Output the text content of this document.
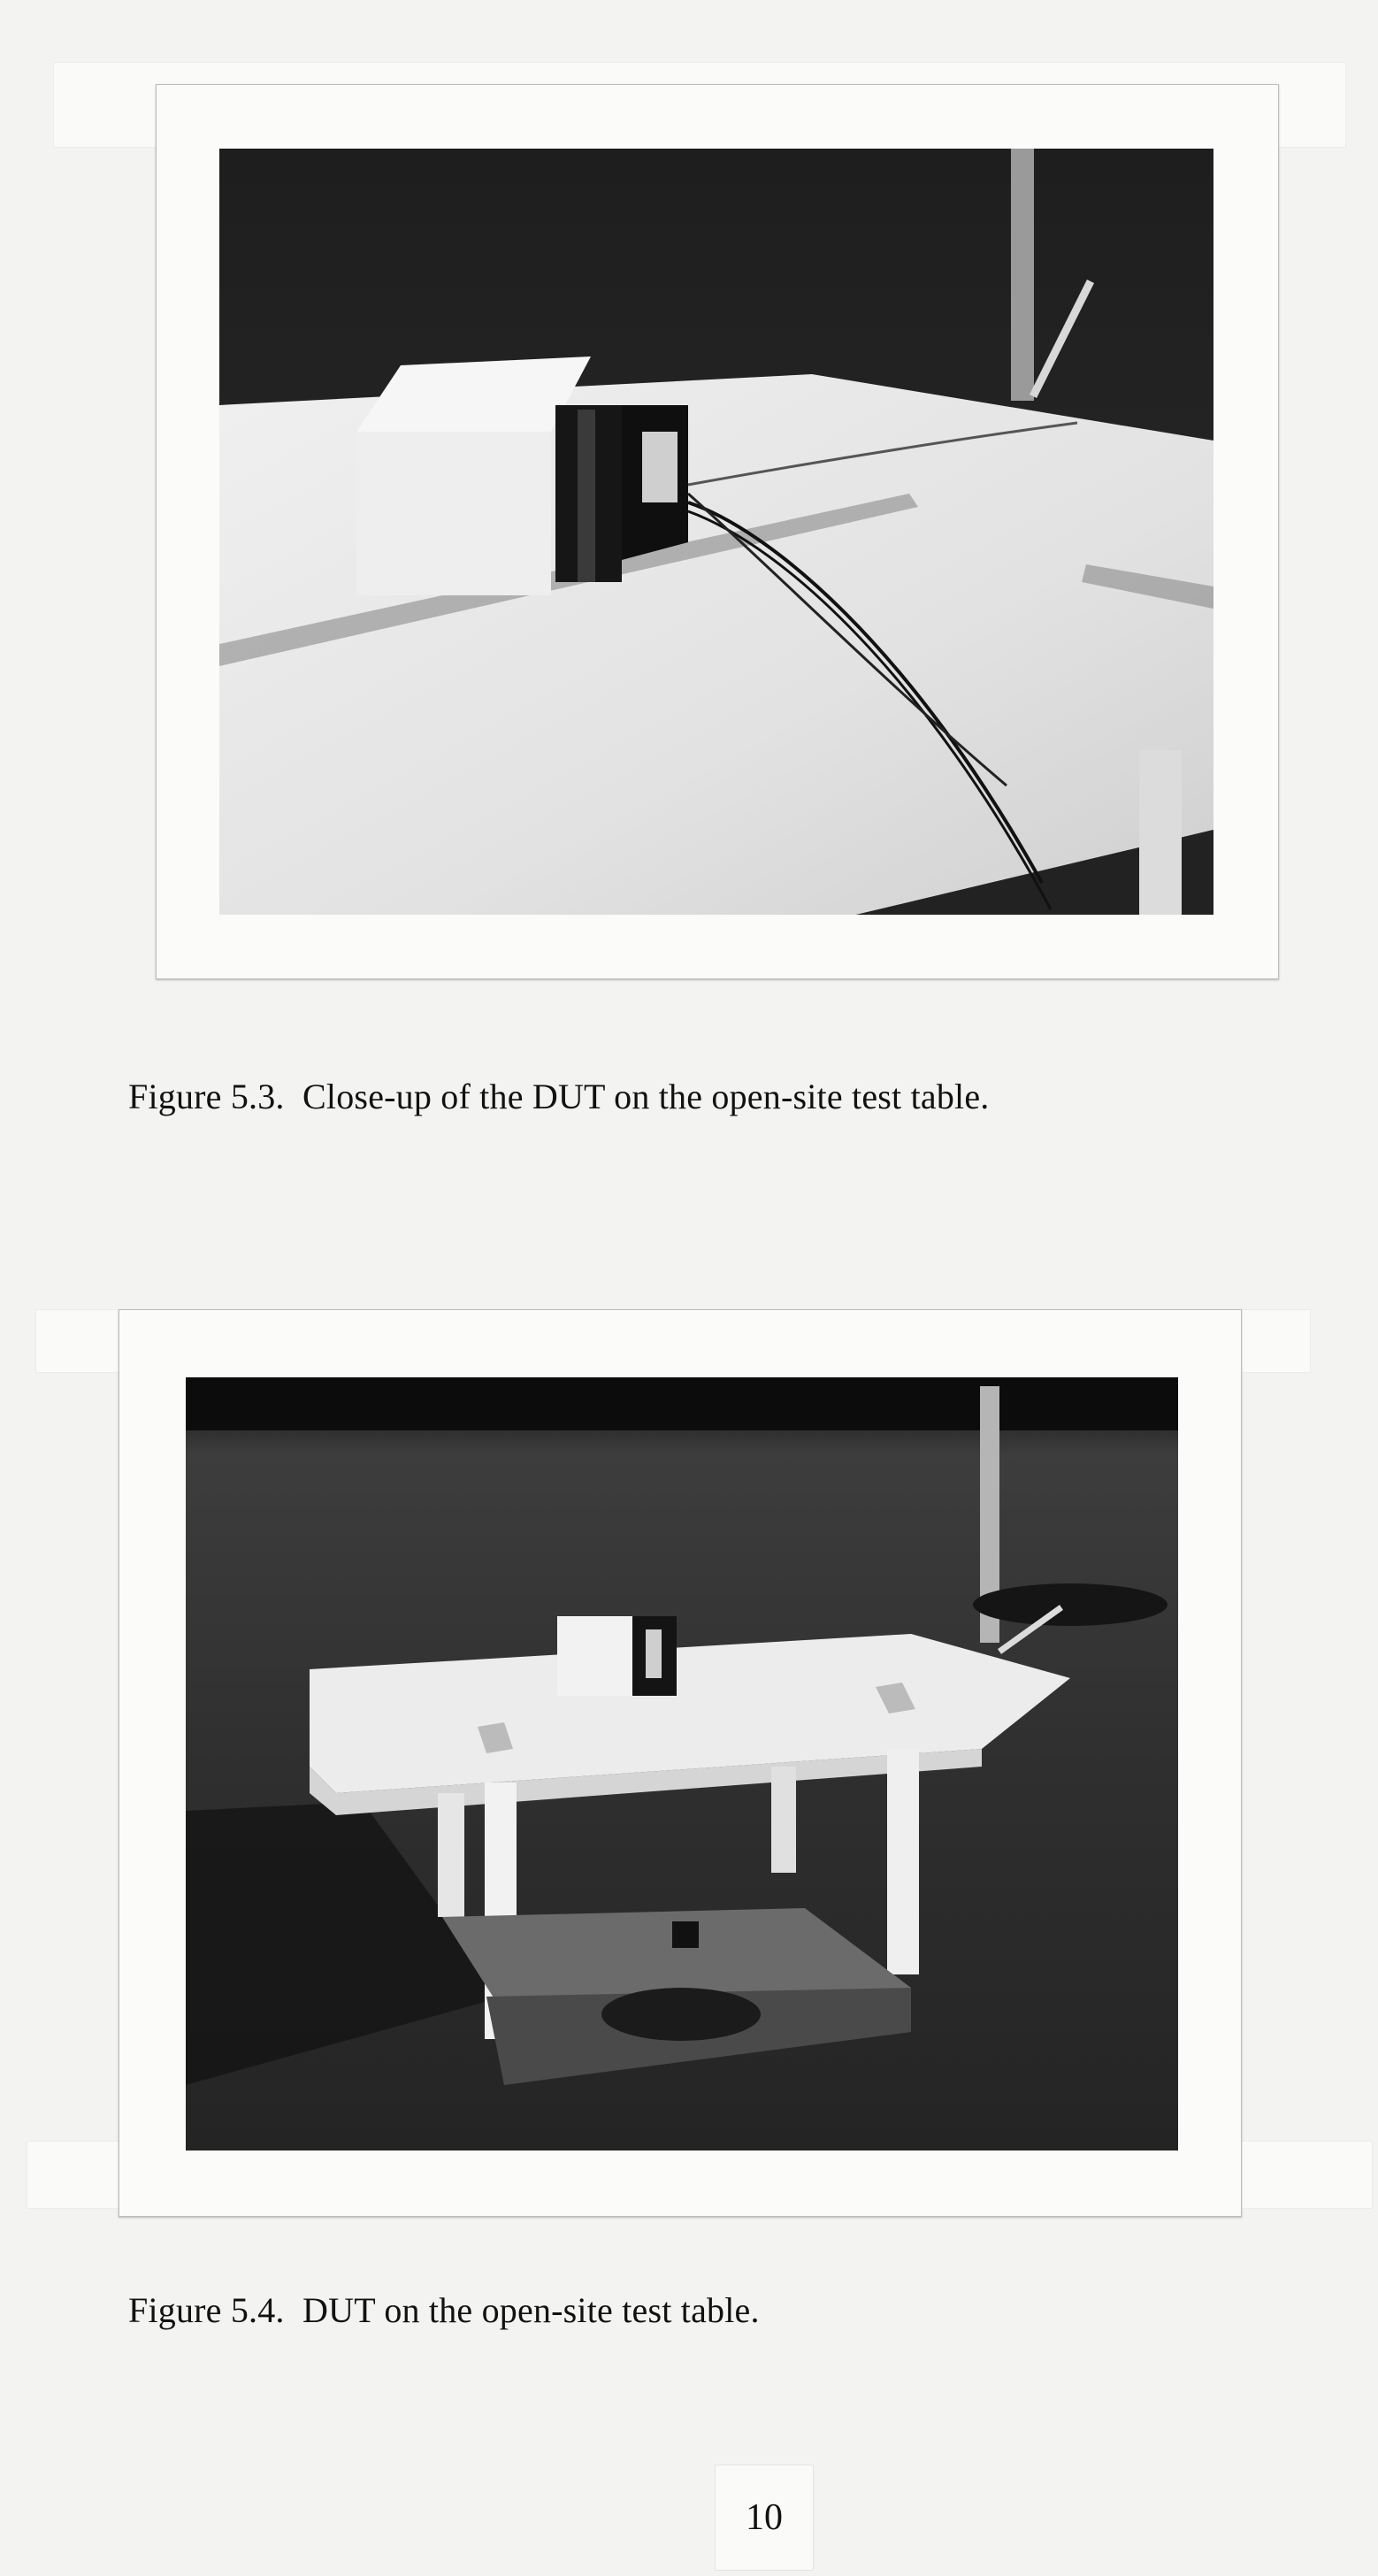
Figure 5.3.  Close-up of the DUT on the open-site test table.
Figure 5.4.  DUT on the open-site test table.
10
